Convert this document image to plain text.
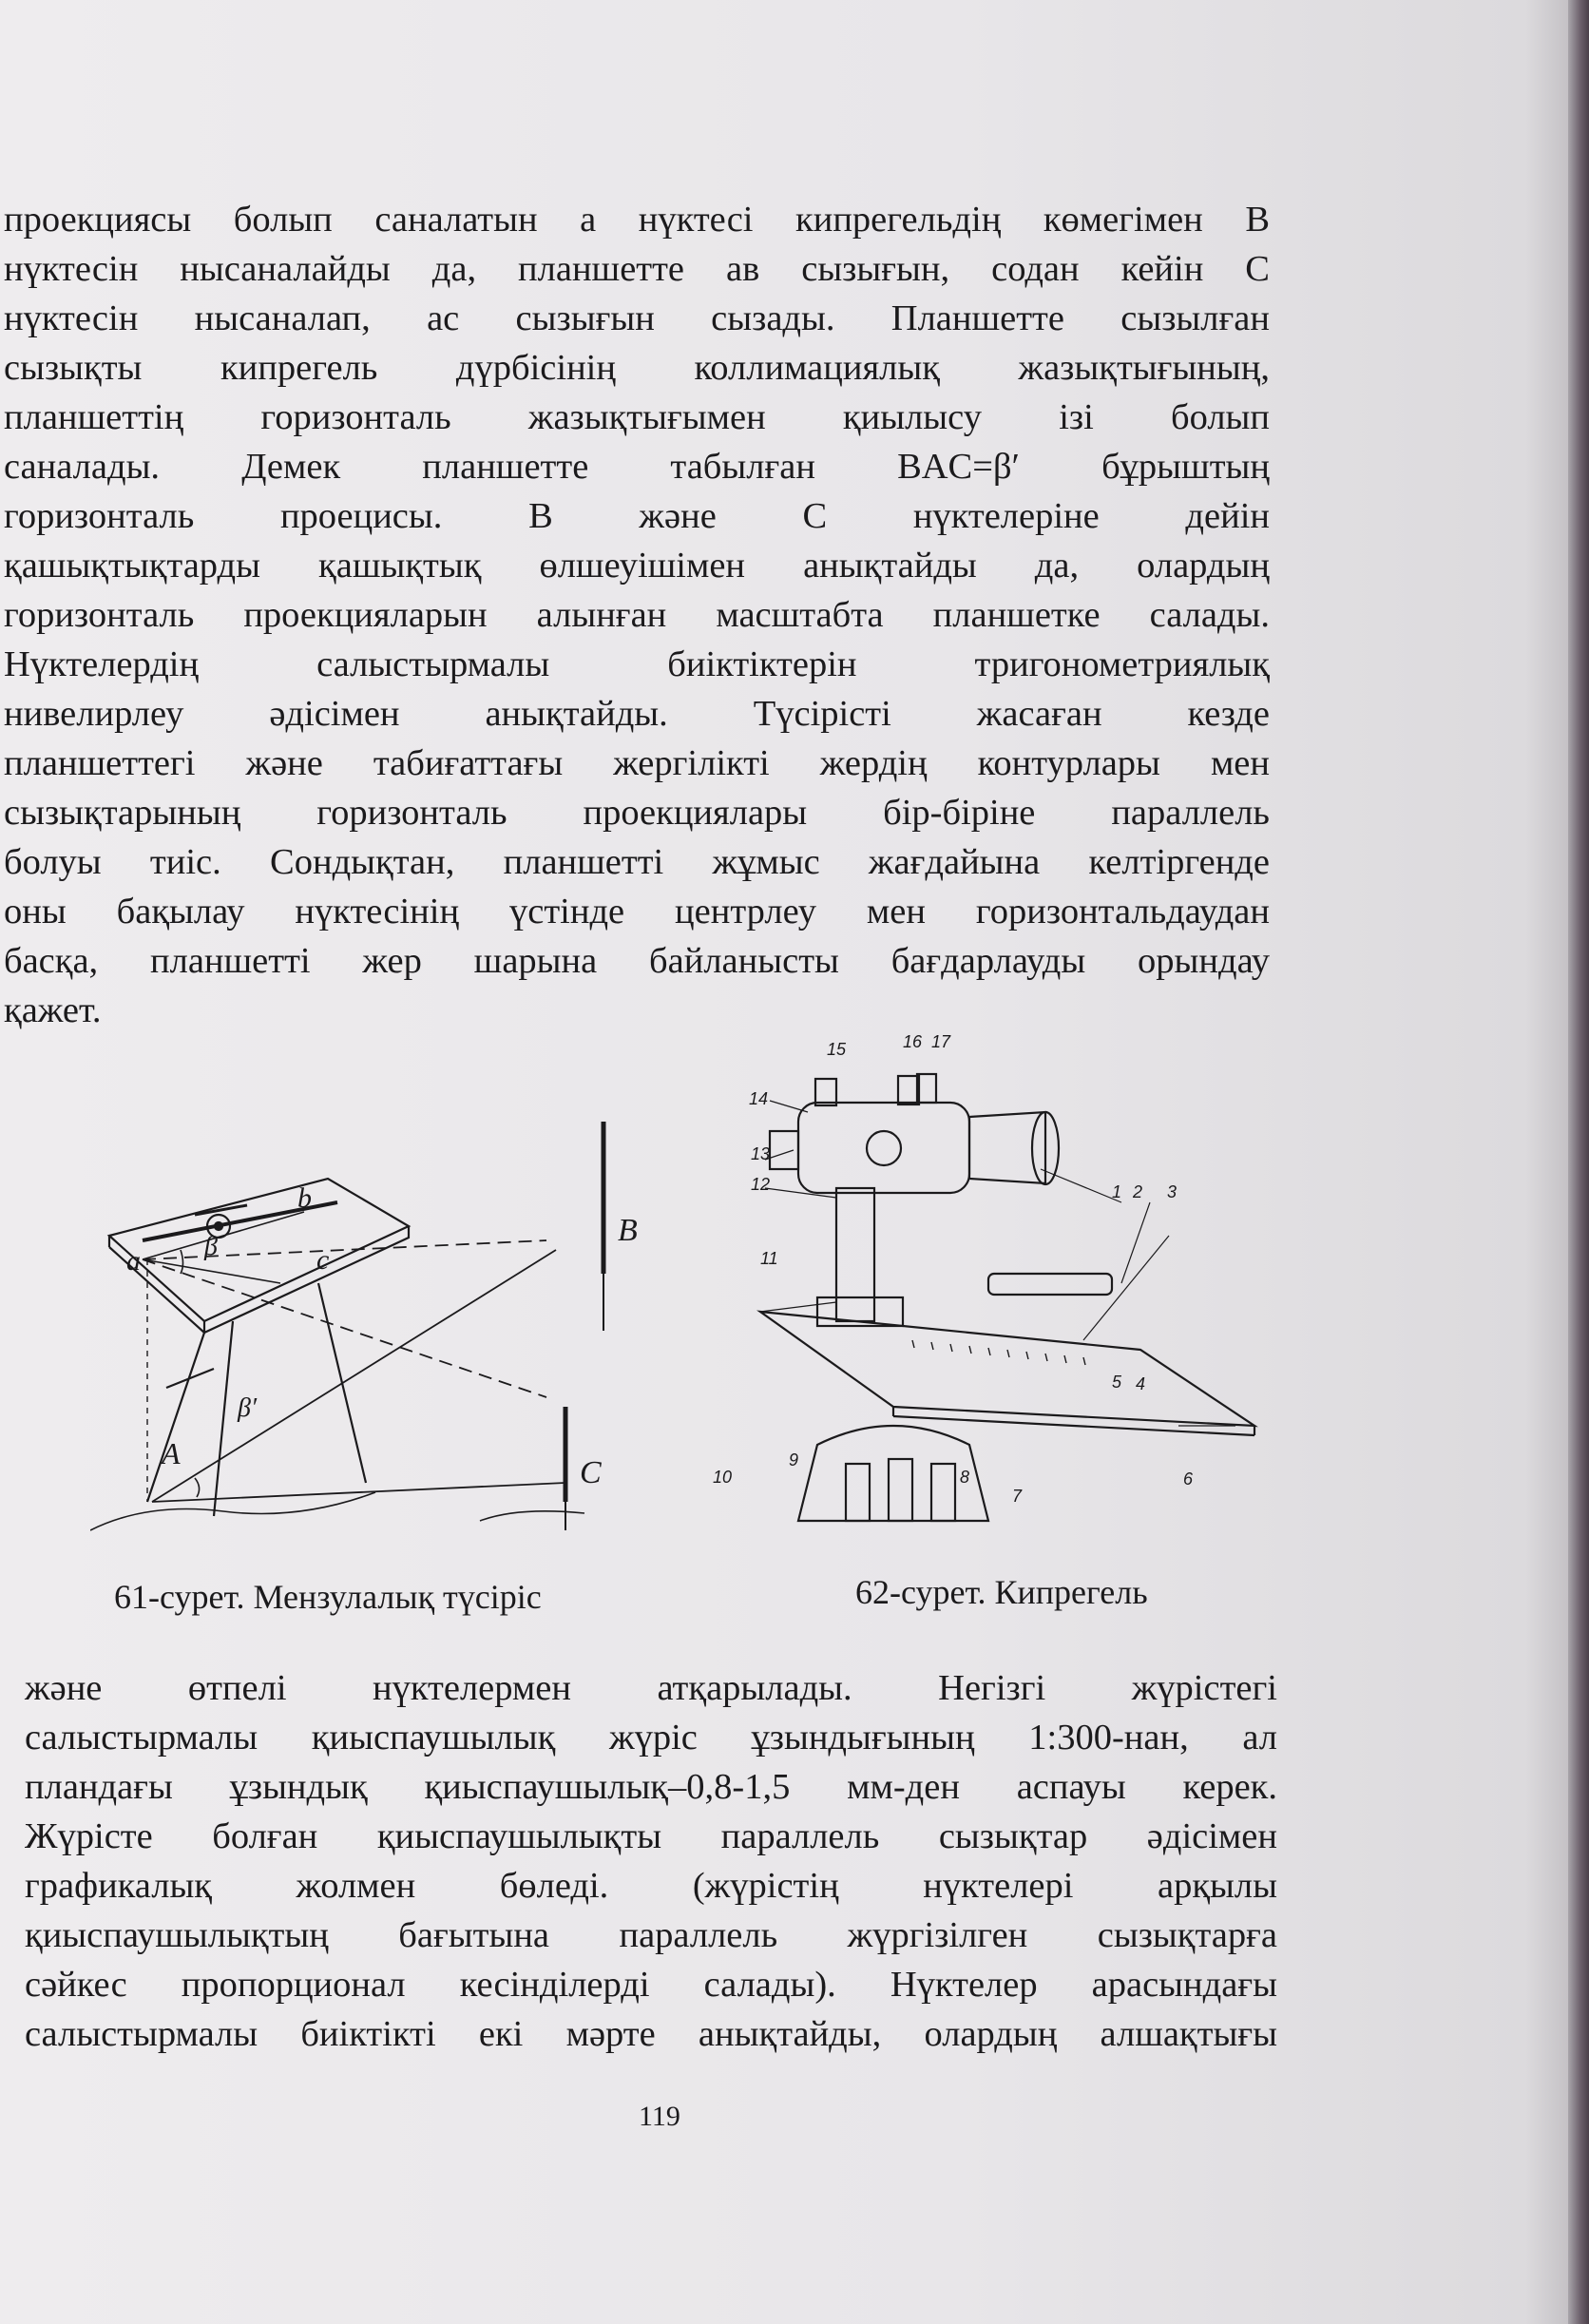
проекциясы болып саналатын а нүктесі кипрегельдің көмегімен B
нүктесін нысаналайды да, планшетте ав сызығын, содан кейін C
нүктесін нысаналап, ас сызығын сызады. Планшетте сызылған
сызықты кипрегель дүрбісінің коллимациялық жазықтығының,
планшеттің горизонталь жазықтығымен қиылысу ізі болып
саналады. Демек планшетте табылған BAC=β′ бұрыштың
горизонталь проецисы. В және С нүктелеріне дейін
қашықтықтарды қашықтық өлшеуішімен анықтайды да, олардың
горизонталь проекцияларын алынған масштабта планшетке салады.
Нүктелердің салыстырмалы биіктіктерін тригонометриялық
нивелирлеу әдісімен анықтайды. Түсірісті жасаған кезде
планшеттегі және табиғаттағы жергілікті жердің контурлары мен
сызықтарының горизонталь проекциялары бір-біріне параллель
болуы тиіс. Сондықтан, планшетті жұмыс жағдайына келтіргенде
оны бақылау нүктесінің үстінде центрлеу мен горизонтальдаудан
басқа, планшетті жер шарына байланысты бағдарлауды орындау
қажет.
a
b
c
β
β′
A
B
C
15	16 17
14
13
12
11
1 2 3
5 4
6
7
8
9
10
61-сурет. Мензулалық түсіріс	62-сурет. Кипрегель
және өтпелі нүктелермен атқарылады. Негізгі жүрістегі
салыстырмалы қиыспаушылық жүріс ұзындығының 1:300-нан, ал
пландағы ұзындық қиыспаушылық–0,8-1,5 мм-ден аспауы керек.
Жүрісте болған қиыспаушылықты параллель сызықтар әдісімен
графикалық жолмен бөледі. (жүрістің нүктелері арқылы
қиыспаушылықтың бағытына параллель жүргізілген сызықтарға
сәйкес пропорционал кесінділерді салады). Нүктелер арасындағы
салыстырмалы биіктікті екі мәрте анықтайды, олардың алшақтығы
119
